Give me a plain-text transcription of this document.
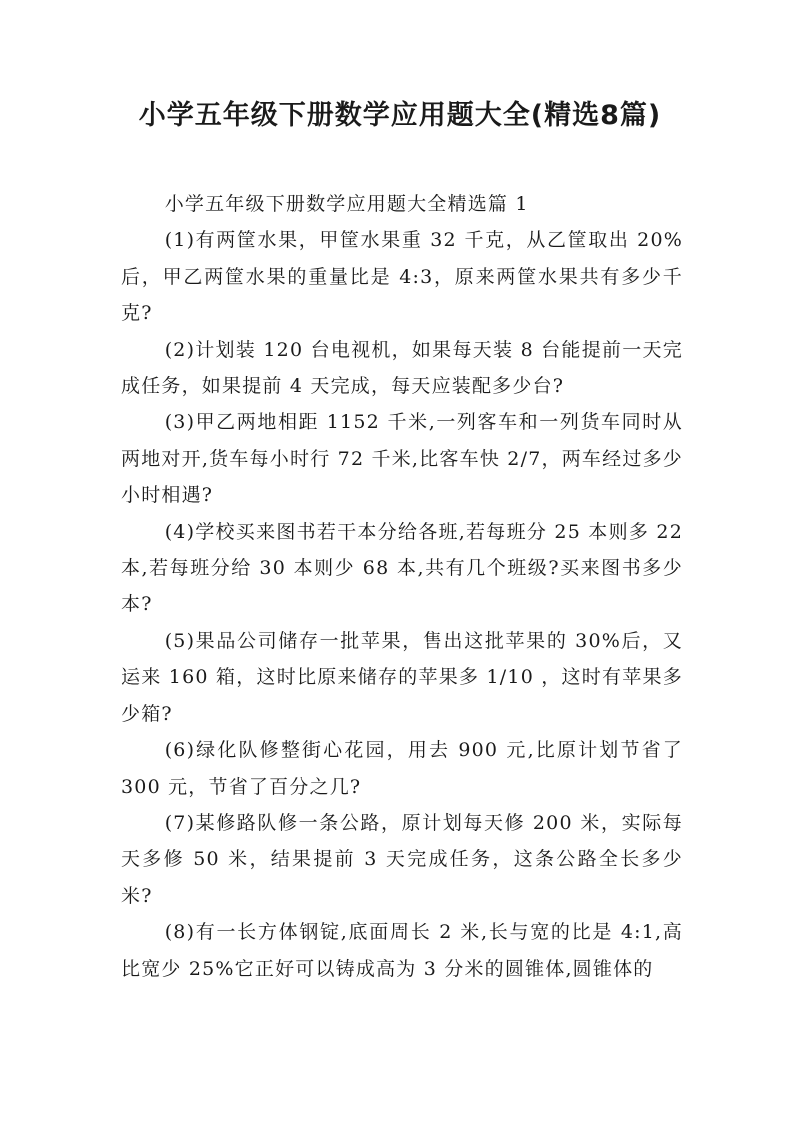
小学五年级下册数学应用题大全(精选8篇)

小学五年级下册数学应用题大全精选篇 1

(1)有两筐水果，甲筐水果重 32 千克，从乙筐取出 20%后，甲乙两筐水果的重量比是 4:3，原来两筐水果共有多少千克?

(2)计划装 120 台电视机，如果每天装 8 台能提前一天完成任务，如果提前 4 天完成，每天应装配多少台?

(3)甲乙两地相距 1152 千米,一列客车和一列货车同时从两地对开,货车每小时行 72 千米,比客车快 2/7，两车经过多少小时相遇?

(4)学校买来图书若干本分给各班,若每班分 25 本则多 22 本,若每班分给 30 本则少 68 本,共有几个班级?买来图书多少本?

(5)果品公司储存一批苹果，售出这批苹果的 30%后，又运来 160 箱，这时比原来储存的苹果多 1/10 ，这时有苹果多少箱?

(6)绿化队修整街心花园，用去 900 元,比原计划节省了 300 元，节省了百分之几?

(7)某修路队修一条公路，原计划每天修 200 米，实际每天多修 50 米，结果提前 3 天完成任务，这条公路全长多少米?

(8)有一长方体钢锭,底面周长 2 米,长与宽的比是 4:1,高比宽少 25%它正好可以铸成高为 3 分米的圆锥体,圆锥体的
